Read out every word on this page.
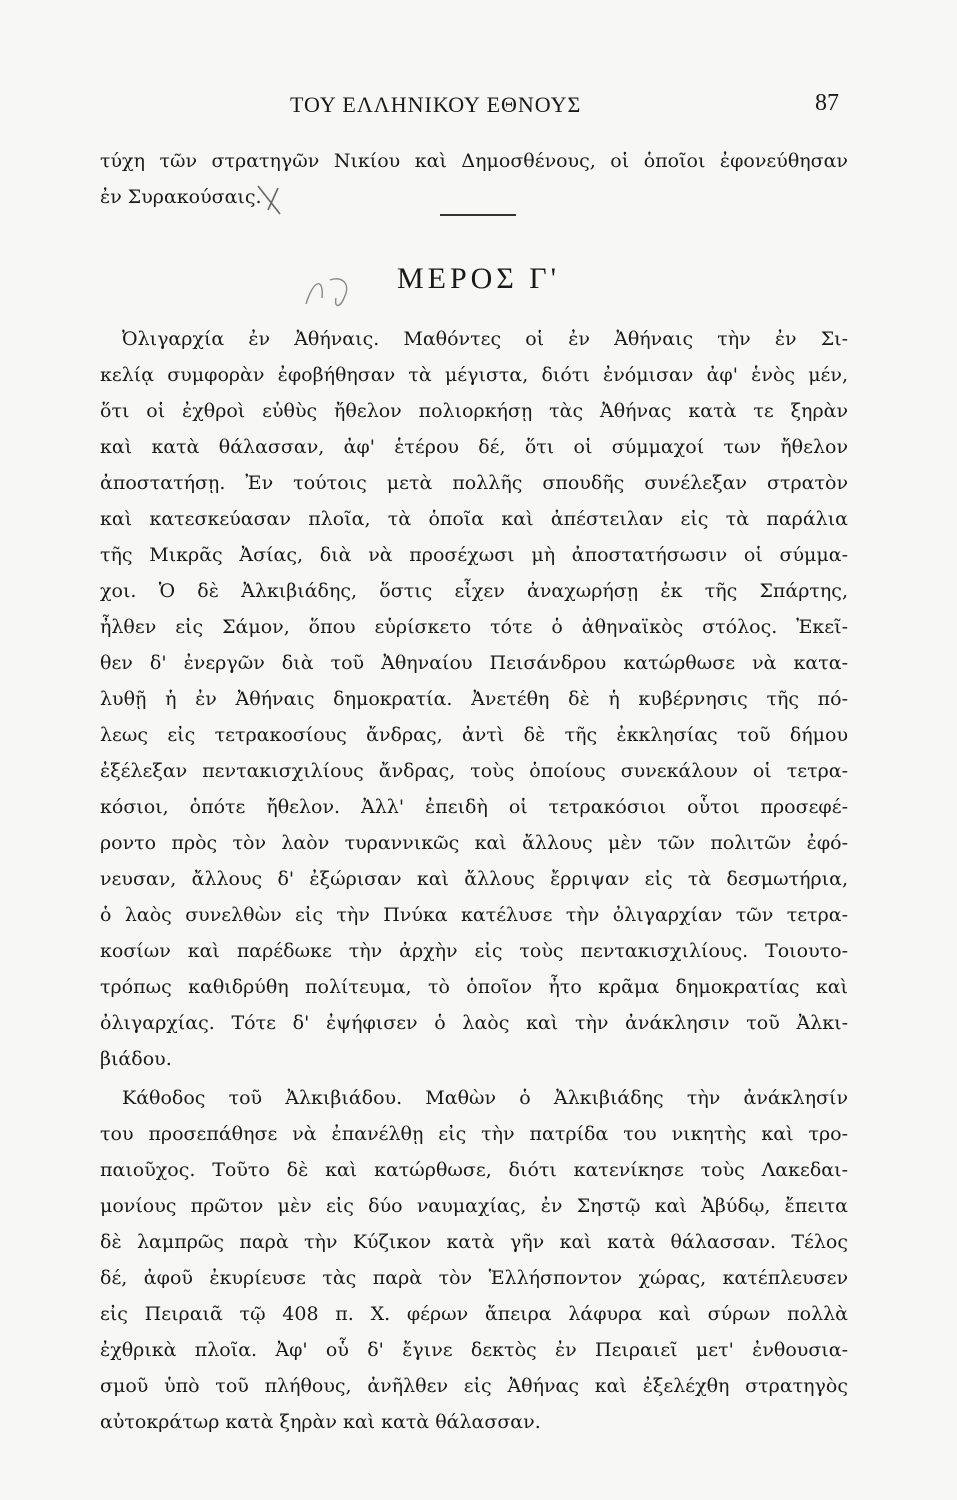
ΤΟΥ ΕΛΛΗΝΙΚΟΥ ΕΘΝΟΥΣ	87
τύχη τῶν στρατηγῶν Νικίου καὶ Δημοσθένους, οἱ ὁποῖοι ἐφονεύθησαν
ἐν Συρακούσαις.
ΜΕΡΟΣ Γ'
Ὀλιγαρχία ἐν Ἀθήναις. Μαθόντες οἱ ἐν Ἀθήναις τὴν ἐν Σι-
κελίᾳ συμφορὰν ἐφοβήθησαν τὰ μέγιστα, διότι ἐνόμισαν ἀφ' ἑνὸς μέν,
ὅτι οἱ ἐχθροὶ εὐθὺς ἤθελον πολιορκήσῃ τὰς Ἀθήνας κατὰ τε ξηρὰν
καὶ κατὰ θάλασσαν, ἀφ' ἑτέρου δέ, ὅτι οἱ σύμμαχοί των ἤθελον
ἀποστατήσῃ. Ἐν τούτοις μετὰ πολλῆς σπουδῆς συνέλεξαν στρατὸν
καὶ κατεσκεύασαν πλοῖα, τὰ ὁποῖα καὶ ἀπέστειλαν εἰς τὰ παράλια
τῆς Μικρᾶς Ἀσίας, διὰ νὰ προσέχωσι μὴ ἀποστατήσωσιν οἱ σύμμα-
χοι. Ὁ δὲ Ἀλκιβιάδης, ὅστις εἶχεν ἀναχωρήσῃ ἐκ τῆς Σπάρτης,
ἦλθεν εἰς Σάμον, ὅπου εὑρίσκετο τότε ὁ ἀθηναϊκὸς στόλος. Ἐκεῖ-
θεν δ' ἐνεργῶν διὰ τοῦ Ἀθηναίου Πεισάνδρου κατώρθωσε νὰ κατα-
λυθῇ ἡ ἐν Ἀθήναις δημοκρατία. Ἀνετέθη δὲ ἡ κυβέρνησις τῆς πό-
λεως εἰς τετρακοσίους ἄνδρας, ἀντὶ δὲ τῆς ἐκκλησίας τοῦ δήμου
ἐξέλεξαν πεντακισχιλίους ἄνδρας, τοὺς ὁποίους συνεκάλουν οἱ τετρα-
κόσιοι, ὁπότε ἤθελον. Ἀλλ' ἐπειδὴ οἱ τετρακόσιοι οὗτοι προσεφέ-
ροντο πρὸς τὸν λαὸν τυραννικῶς καὶ ἄλλους μὲν τῶν πολιτῶν ἐφό-
νευσαν, ἄλλους δ' ἐξώρισαν καὶ ἄλλους ἔρριψαν εἰς τὰ δεσμωτήρια,
ὁ λαὸς συνελθὼν εἰς τὴν Πνύκα κατέλυσε τὴν ὀλιγαρχίαν τῶν τετρα-
κοσίων καὶ παρέδωκε τὴν ἀρχὴν εἰς τοὺς πεντακισχιλίους. Τοιουτο-
τρόπως καθιδρύθη πολίτευμα, τὸ ὁποῖον ἦτο κρᾶμα δημοκρατίας καὶ
ὀλιγαρχίας. Τότε δ' ἐψήφισεν ὁ λαὸς καὶ τὴν ἀνάκλησιν τοῦ Ἀλκι-
βιάδου.
Κάθοδος τοῦ Ἀλκιβιάδου. Μαθὼν ὁ Ἀλκιβιάδης τὴν ἀνάκλησίν
του προσεπάθησε νὰ ἐπανέλθῃ εἰς τὴν πατρίδα του νικητὴς καὶ τρο-
παιοῦχος. Τοῦτο δὲ καὶ κατώρθωσε, διότι κατενίκησε τοὺς Λακεδαι-
μονίους πρῶτον μὲν εἰς δύο ναυμαχίας, ἐν Σηστῷ καὶ Ἀβύδῳ, ἔπειτα
δὲ λαμπρῶς παρὰ τὴν Κύζικον κατὰ γῆν καὶ κατὰ θάλασσαν. Τέλος
δέ, ἀφοῦ ἐκυρίευσε τὰς παρὰ τὸν Ἑλλήσποντον χώρας, κατέπλευσεν
εἰς Πειραιᾶ τῷ 408 π. Χ. φέρων ἄπειρα λάφυρα καὶ σύρων πολλὰ
ἐχθρικὰ πλοῖα. Ἀφ' οὗ δ' ἔγινε δεκτὸς ἐν Πειραιεῖ μετ' ἐνθουσια-
σμοῦ ὑπὸ τοῦ πλήθους, ἀνῆλθεν εἰς Ἀθήνας καὶ ἐξελέχθη στρατηγὸς
αὐτοκράτωρ κατὰ ξηρὰν καὶ κατὰ θάλασσαν.
